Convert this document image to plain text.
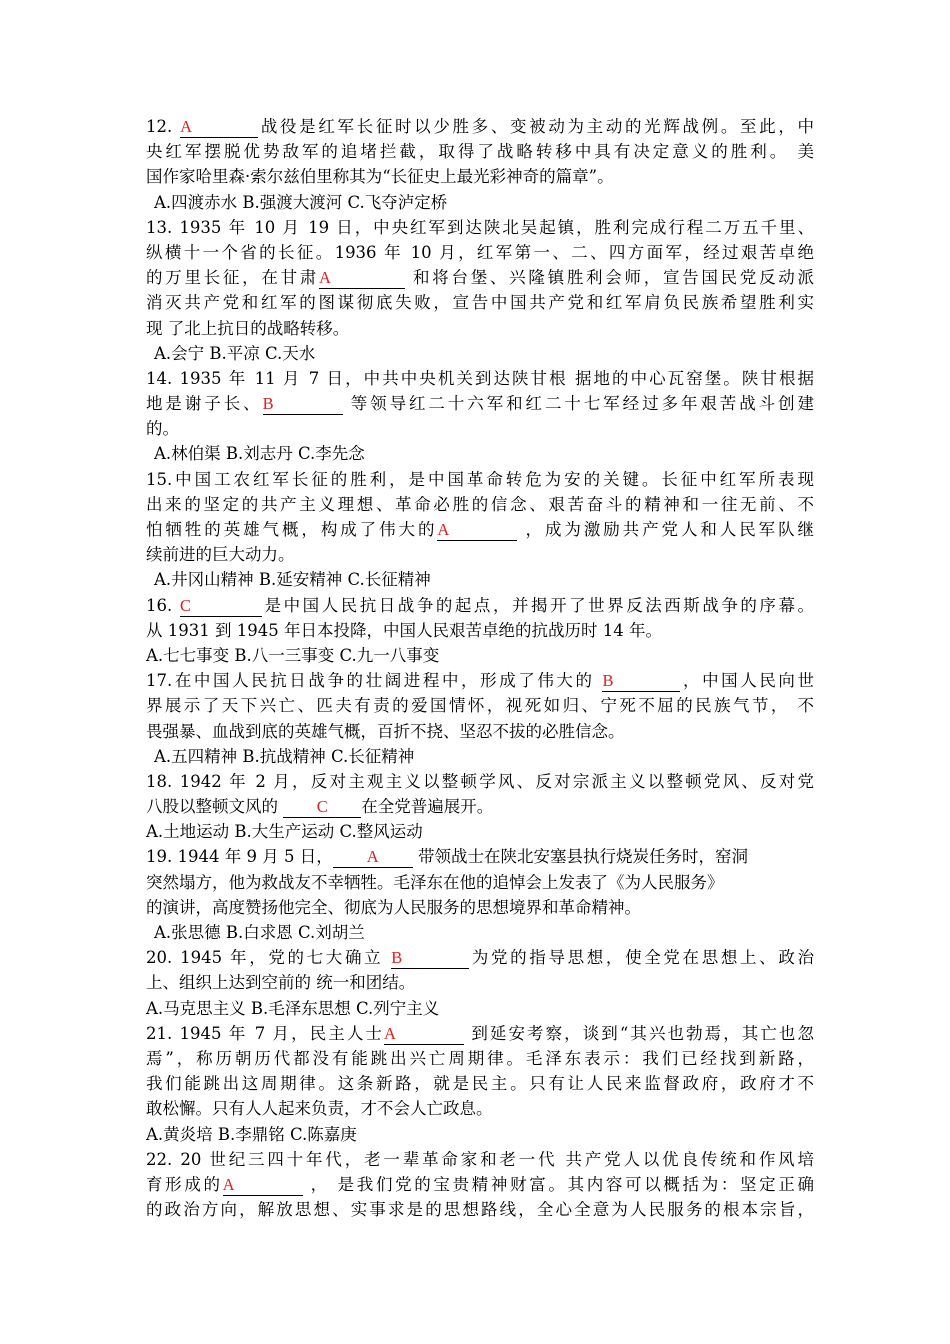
12. A	战役是红军长征时以少胜多、变被动为主动的光辉战例。至此，中
央红军摆脱优势敌军的追堵拦截，取得了战略转移中具有决定意义的胜利。 美
国作家哈里森·索尔兹伯里称其为“长征史上最光彩神奇的篇章”。
A.四渡赤水 B.强渡大渡河 C.飞夺泸定桥
13. 1935 年 10 月 19 日，中央红军到达陕北吴起镇，胜利完成行程二万五千里、
纵横十一个省的长征。1936 年 10 月，红军第一、二、四方面军，经过艰苦卓绝
的万里长征，在甘肃A	和将台堡、兴隆镇胜利会师，宣告国民党反动派
消灭共产党和红军的图谋彻底失败，宣告中国共产党和红军肩负民族希望胜利实
现 了北上抗日的战略转移。
A.会宁 B.平凉 C.天水
14. 1935 年 11 月 7 日，中共中央机关到达陕甘根 据地的中心瓦窑堡。陕甘根据
地是谢子长、B	等领导红二十六军和红二十七军经过多年艰苦战斗创建
的。
A.林伯渠 B.刘志丹 C.李先念
15.中国工农红军长征的胜利，是中国革命转危为安的关键。长征中红军所表现
出来的坚定的共产主义理想、革命必胜的信念、艰苦奋斗的精神和一往无前、不
怕牺牲的英雄气概，构成了伟大的A	，成为激励共产党人和人民军队继
续前进的巨大动力。
A.井冈山精神 B.延安精神 C.长征精神
16. C	是中国人民抗日战争的起点，并揭开了世界反法西斯战争的序幕。
从 1931 到 1945 年日本投降，中国人民艰苦卓绝的抗战历时 14 年。
A.七七事变 B.八一三事变 C.九一八事变
17.在中国人民抗日战争的壮阔进程中，形成了伟大的 B	，中国人民向世
界展示了天下兴亡、匹夫有责的爱国情怀，视死如归、宁死不屈的民族气节， 不
畏强暴、血战到底的英雄气概，百折不挠、坚忍不拔的必胜信念。
A.五四精神 B.抗战精神 C.长征精神
18. 1942 年 2 月，反对主观主义以整顿学风、反对宗派主义以整顿党风、反对党
八股以整顿文风的 C 在全党普遍展开。
A.土地运动 B.大生产运动 C.整风运动
19. 1944 年 9 月 5 日， A 带领战士在陕北安塞县执行烧炭任务时，窑洞
突然塌方，他为救战友不幸牺牲。毛泽东在他的追悼会上发表了《为人民服务》
的演讲，高度赞扬他完全、彻底为人民服务的思想境界和革命精神。
A.张思德 B.白求恩 C.刘胡兰
20. 1945 年，党的七大确立 B	为党的指导思想，使全党在思想上、政治
上、组织上达到空前的 统一和团结。
A.马克思主义 B.毛泽东思想 C.列宁主义
21. 1945 年 7 月，民主人士A	到延安考察，谈到“其兴也勃焉，其亡也忽
焉”，称历朝历代都没有能跳出兴亡周期律。毛泽东表示：我们已经找到新路，
我们能跳出这周期律。这条新路，就是民主。只有让人民来监督政府，政府才不
敢松懈。只有人人起来负责，才不会人亡政息。
A.黄炎培 B.李鼎铭 C.陈嘉庚
22. 20 世纪三四十年代，老一辈革命家和老一代 共产党人以优良传统和作风培
育形成的A	， 是我们党的宝贵精神财富。其内容可以概括为：坚定正确
的政治方向，解放思想、实事求是的思想路线，全心全意为人民服务的根本宗旨，
